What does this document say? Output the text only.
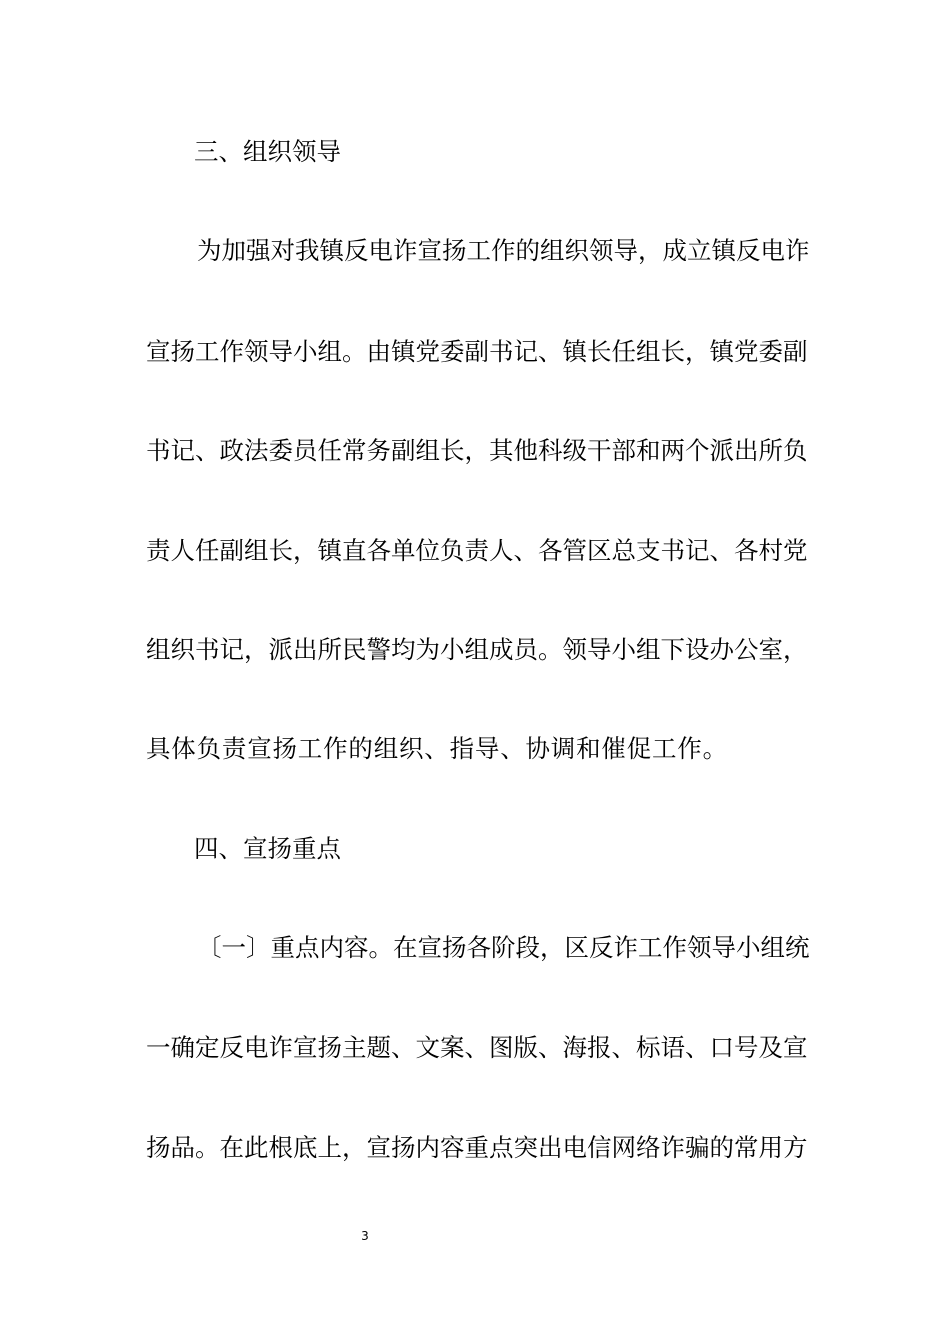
三、组织领导
为 加 强 对 我 镇 反 电 诈 宣 扬 工 作 的 组 织 领 导 ， 成 立 镇 反 电 诈
宣 扬 工 作 领 导 小 组 。 由 镇 党 委 副 书 记 、 镇 长 任 组 长 ， 镇 党 委 副
书 记 、 政 法 委 员 任 常 务 副 组 长 ， 其 他 科 级 干 部 和 两 个 派 出 所 负
责 人 任 副 组 长 ， 镇 直 各 单 位 负 责 人 、 各 管 区 总 支 书 记 、 各 村 党
组 织 书 记 ， 派 出 所 民 警 均 为 小 组 成 员 。 领 导 小 组 下 设 办 公 室 ，
具体负责宣扬工作的组织、指导、协调和催促工作。
四、宣扬重点
〔 一 〕 重 点 内 容 。 在 宣 扬 各 阶 段 ， 区 反 诈 工 作 领 导 小 组 统
一 确 定 反 电 诈 宣 扬 主 题 、 文 案 、 图 版 、 海 报 、 标 语 、 口 号 及 宣
扬 品 。 在 此 根 底 上 ， 宣 扬 内 容 重 点 突 出 电 信 网 络 诈 骗 的 常 用 方
3
